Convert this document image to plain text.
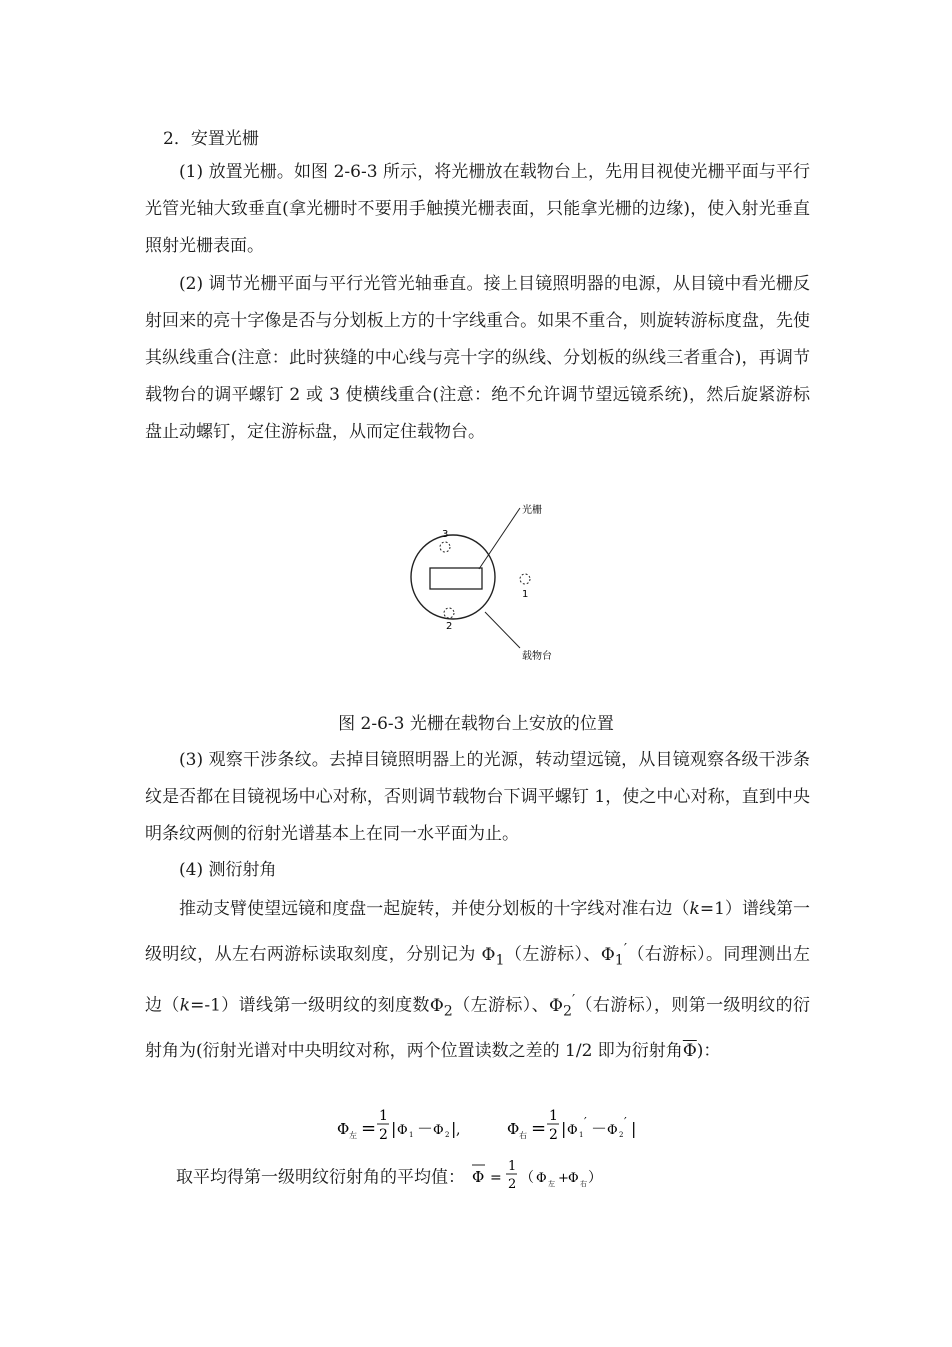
2．安置光栅

(1) 放置光栅。如图 2-6-3 所示，将光栅放在载物台上，先用目视使光栅平面与平行光管光轴大致垂直(拿光栅时不要用手触摸光栅表面，只能拿光栅的边缘)，使入射光垂直照射光栅表面。

(2) 调节光栅平面与平行光管光轴垂直。接上目镜照明器的电源，从目镜中看光栅反射回来的亮十字像是否与分划板上方的十字线重合。如果不重合，则旋转游标度盘，先使其纵线重合(注意：此时狭缝的中心线与亮十字的纵线、分划板的纵线三者重合)，再调节载物台的调平螺钉 2 或 3 使横线重合(注意：绝不允许调节望远镜系统)，然后旋紧游标盘止动螺钉，定住游标盘，从而定住载物台。

3
1
2
光栅
载物台
图 2-6-3 光栅在载物台上安放的位置

(3) 观察干涉条纹。去掉目镜照明器上的光源，转动望远镜，从目镜观察各级干涉条纹是否都在目镜视场中心对称，否则调节载物台下调平螺钉 1，使之中心对称，直到中央明条纹两侧的衍射光谱基本上在同一水平面为止。

(4) 测衍射角

推动支臂使望远镜和度盘一起旋转，并使分划板的十字线对准右边（k=1）谱线第一级明纹，从左右两游标读取刻度，分别记为 $\Phi_1$（左游标）、$\Phi_1'$（右游标）。同理测出左边（k=-1）谱线第一级明纹的刻度数$\Phi_2$（左游标）、$\Phi_2'$（右游标），则第一级明纹的衍射角为(衍射光谱对中央明纹对称，两个位置读数之差的 1/2 即为衍射角$\overline{\Phi}$)：

Φ 左 =
1
2 | Φ 1 － Φ 2 | ,	Φ 右 =
1
2 | Φ 1
′ － Φ 2
′ |
取平均得第一级明纹衍射角的平均值： Φ =
1
2 （ Φ 左 + Φ 右 ）
